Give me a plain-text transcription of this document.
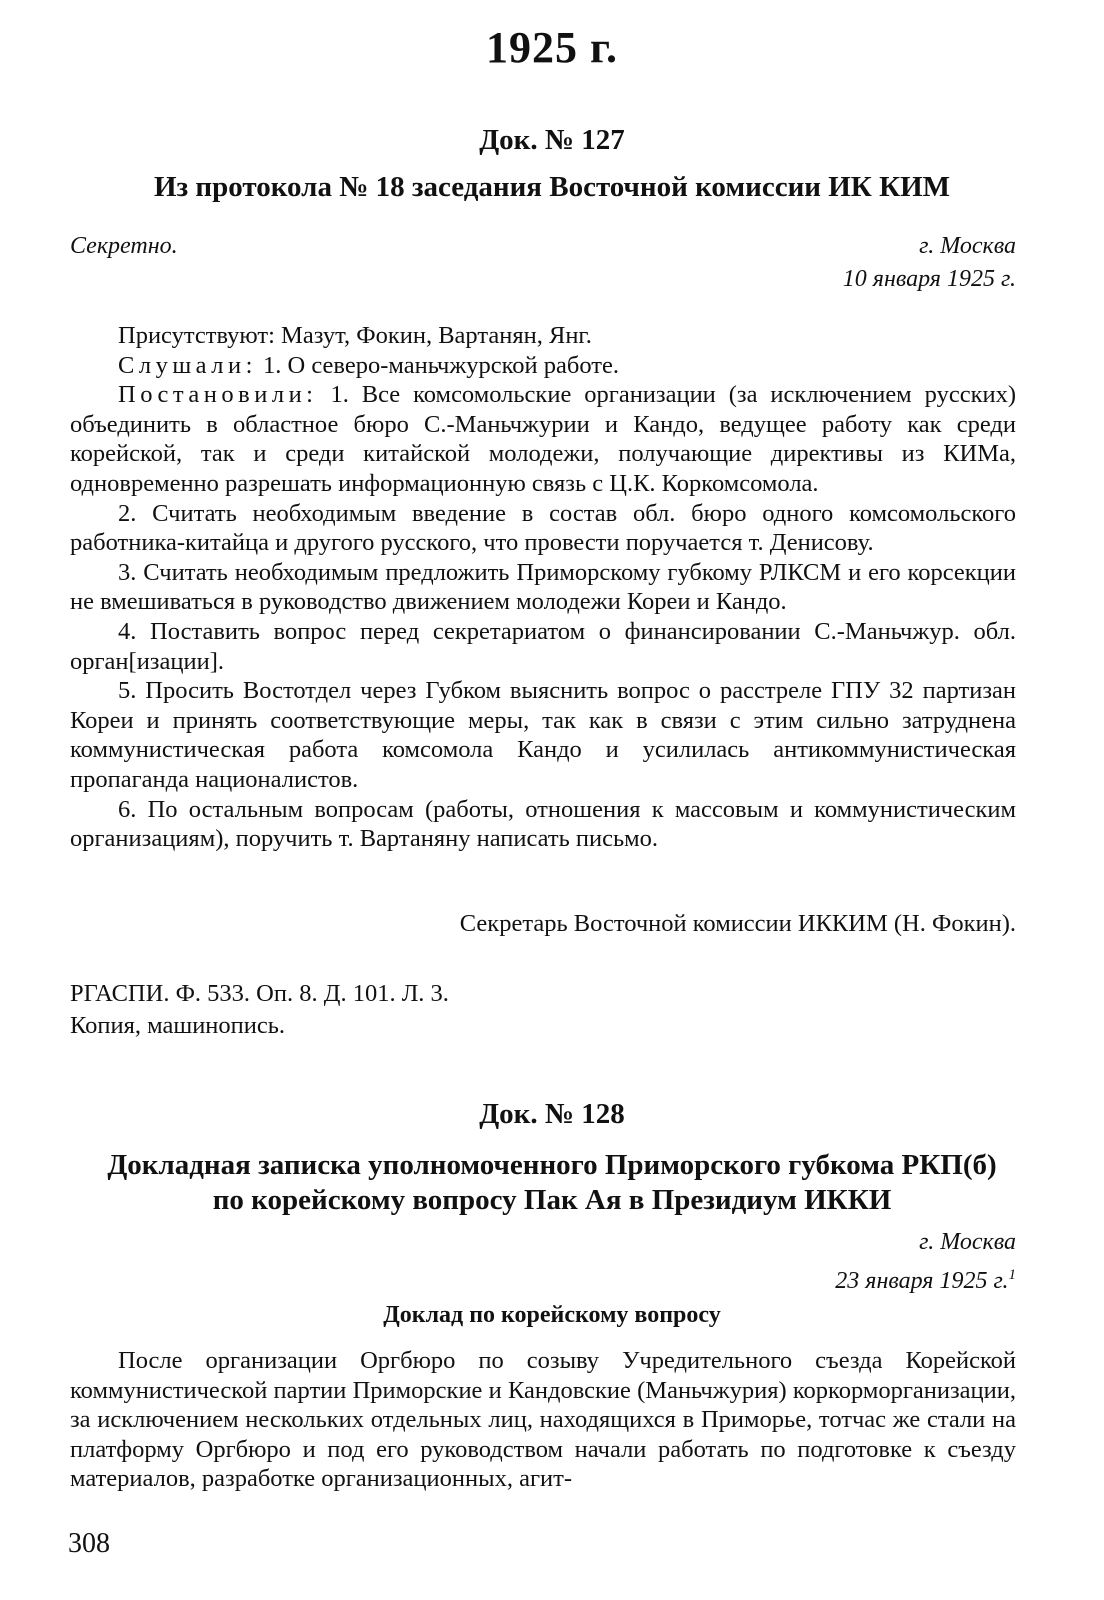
1925 г.
Док. № 127
Из протокола № 18 заседания Восточной комиссии ИК КИМ
Секретно.	г. Москва
10 января 1925 г.

Присутствуют: Мазут, Фокин, Вартанян, Янг.

Слушали: 1. О северо-маньчжурской работе.

Постановили: 1. Все комсомольские организации (за исключением русских) объединить в областное бюро С.-Маньчжурии и Кандо, ведущее работу как среди корейской, так и среди китайской молодежи, получающие директивы из КИМа, одновременно разрешать информационную связь с Ц.К. Коркомсомола.

2. Считать необходимым введение в состав обл. бюро одного комсомольского работника-китайца и другого русского, что провести поручается т. Денисову.

3. Считать необходимым предложить Приморскому губкому РЛКСМ и его корсекции не вмешиваться в руководство движением молодежи Кореи и Кандо.

4. Поставить вопрос перед секретариатом о финансировании С.-Маньчжур. обл. орган[изации].

5. Просить Востотдел через Губком выяснить вопрос о расстреле ГПУ 32 партизан Кореи и принять соответствующие меры, так как в связи с этим сильно затруднена коммунистическая работа комсомола Кандо и усилилась антикоммунистическая пропаганда националистов.

6. По остальным вопросам (работы, отношения к массовым и коммунистическим организациям), поручить т. Вартаняну написать письмо.

Секретарь Восточной комиссии ИККИМ (Н. Фокин).
РГАСПИ. Ф. 533. Оп. 8. Д. 101. Л. 3.
Копия, машинопись.
Док. № 128
Докладная записка уполномоченного Приморского губкома РКП(б)
по корейскому вопросу Пак Ая в Президиум ИККИ
г. Москва
23 января 1925 г.$^1$
Доклад по корейскому вопросу

После организации Оргбюро по созыву Учредительного съезда Корейской коммунистической партии Приморские и Кандовские (Маньчжурия) коркорморганизации, за исключением нескольких отдельных лиц, находящихся в Приморье, тотчас же стали на платформу Оргбюро и под его руководством начали работать по подготовке к съезду материалов, разработке организационных, агит-

308
